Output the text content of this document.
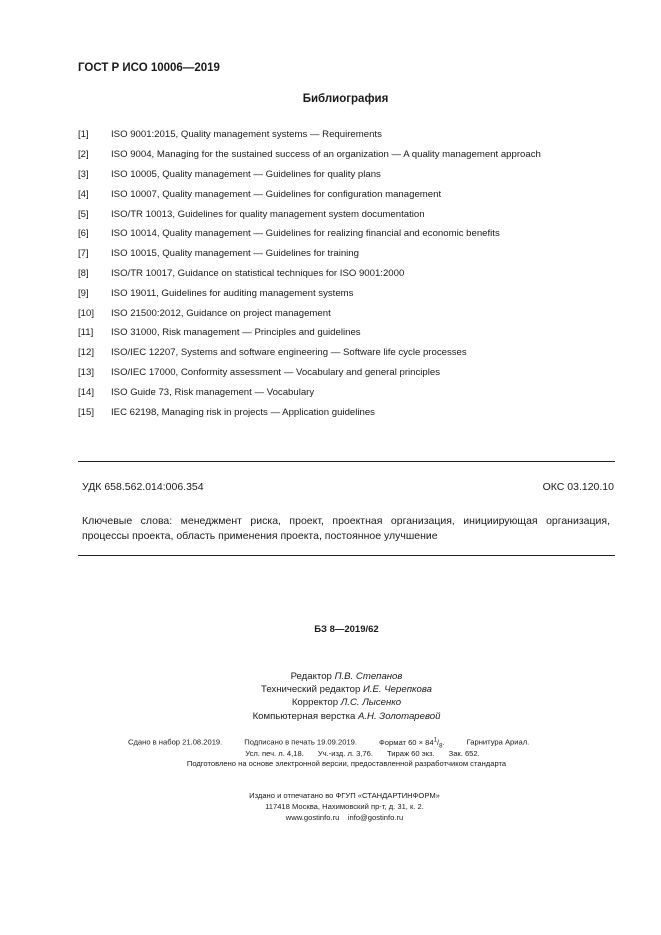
ГОСТ Р ИСО 10006—2019
Библиография
[1]	ISO 9001:2015, Quality management systems — Requirements
[2]	ISO 9004, Managing for the sustained success of an organization — A quality management approach
[3]	ISO 10005, Quality management — Guidelines for quality plans
[4]	ISO 10007, Quality management — Guidelines for configuration management
[5]	ISO/TR 10013, Guidelines for quality management system documentation
[6]	ISO 10014, Quality management — Guidelines for realizing financial and economic benefits
[7]	ISO 10015, Quality management — Guidelines for training
[8]	ISO/TR 10017, Guidance on statistical techniques for ISO 9001:2000
[9]	ISO 19011, Guidelines for auditing management systems
[10]	ISO 21500:2012, Guidance on project management
[11]	ISO 31000, Risk management — Principles and guidelines
[12]	ISO/IEC 12207, Systems and software engineering — Software life cycle processes
[13]	ISO/IEC 17000, Conformity assessment — Vocabulary and general principles
[14]	ISO Guide 73, Risk management — Vocabulary
[15]	IEC 62198, Managing risk in projects — Application guidelines
УДК 658.562.014:006.354	ОКС 03.120.10
Ключевые слова: менеджмент риска, проект, проектная организация, инициирующая организация,
процессы проекта, область применения проекта, постоянное улучшение
БЗ 8—2019/62
Редактор П.В. Степанов
Технический редактор И.Е. Черепкова
Корректор Л.С. Лысенко
Компьютерная верстка А.Н. Золотаревой
Сдано в набор 21.08.2019.	Подписано в печать 19.09.2019.	Формат $60 \times 84^1/_8$.	Гарнитура Ариал.
Усл. печ. л. 4,18. Уч.-изд. л. 3,76. Тираж 60 экз. Зак. 652.
Подготовлено на основе электронной версии, предоставленной разработчиком стандарта
Издано и отпечатано во ФГУП «СТАНДАРТИНФОРМ»
117418 Москва, Нахимовский пр-т, д. 31, к. 2.
www.gostinfo.ru info@gostinfo.ru
